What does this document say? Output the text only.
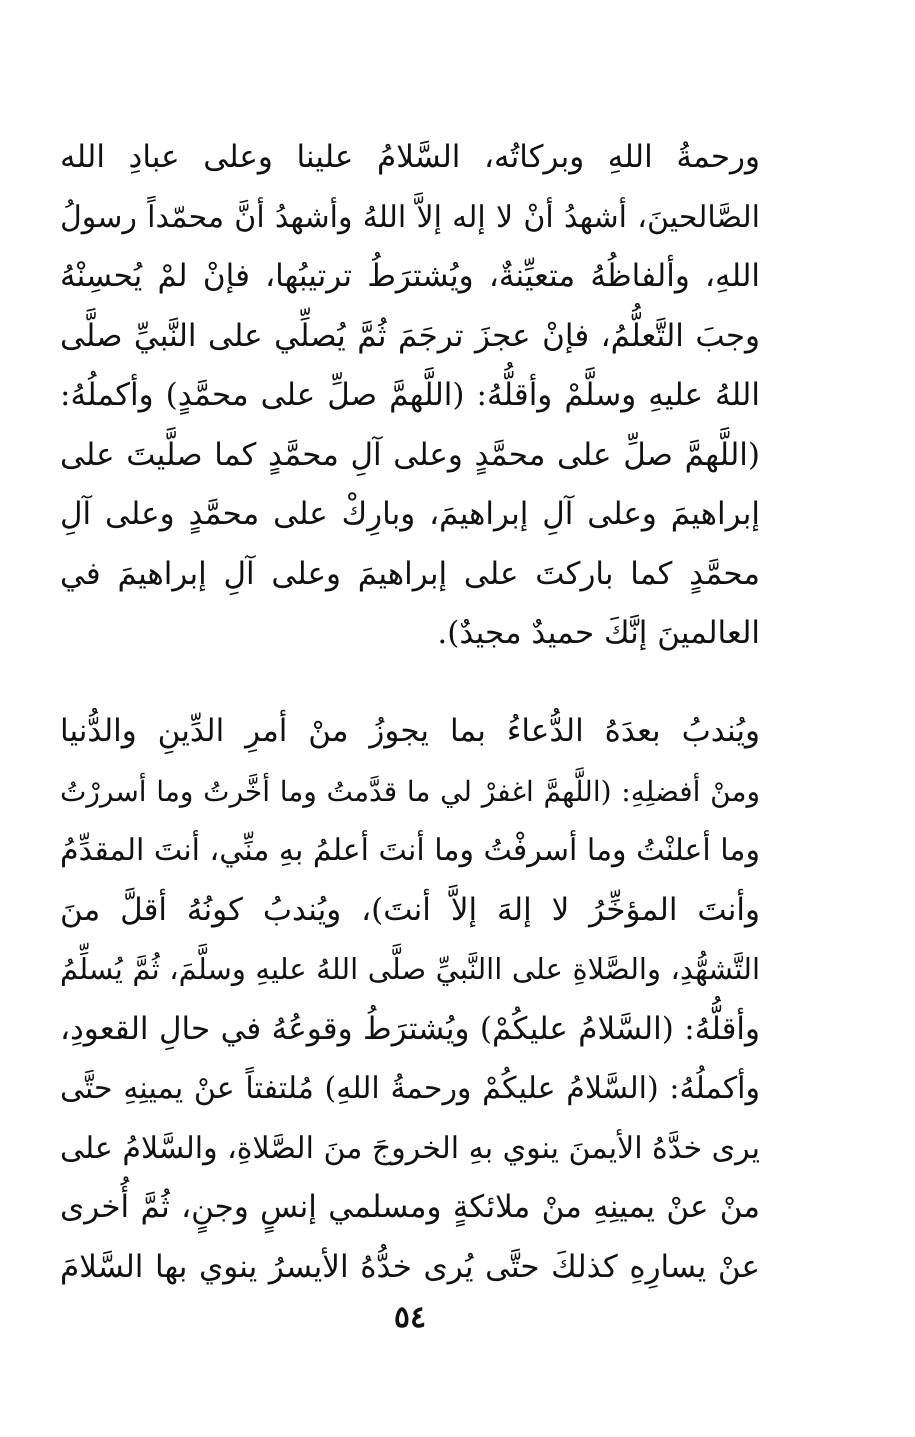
ورحمةُ اللهِ وبركاتُه، السَّلامُ علينا وعلى عبادِ الله
الصَّالحينَ، أشهدُ أنْ لا إله إلاَّ اللهُ وأشهدُ أنَّ محمّداً رسولُ
اللهِ، وألفاظُهُ متعيِّنةٌ، ويُشترَطُ ترتيبُها، فإنْ لمْ يُحسِنْهُ
وجبَ التَّعلُّمُ، فإنْ عجزَ ترجَمَ ثُمَّ يُصلِّي على النَّبيِّ صلَّى
اللهُ عليهِ وسلَّمْ وأقلُّهُ: (اللَّهمَّ صلِّ على محمَّدٍ) وأكملُهُ:
(اللَّهمَّ صلِّ على محمَّدٍ وعلى آلِ محمَّدٍ كما صلَّيتَ على
إبراهيمَ وعلى آلِ إبراهيمَ، وبارِكْ على محمَّدٍ وعلى آلِ
محمَّدٍ كما باركتَ على إبراهيمَ وعلى آلِ إبراهيمَ في
العالمينَ إنَّكَ حميدٌ مجيدٌ).
ويُندبُ بعدَهُ الدُّعاءُ بما يجوزُ منْ أمرِ الدِّينِ والدُّنيا
ومنْ أفضلِهِ: (اللَّهمَّ اغفرْ لي ما قدَّمتُ وما أخَّرتُ وما أسررْتُ
وما أعلنْتُ وما أسرفْتُ وما أنتَ أعلمُ بهِ منِّي، أنتَ المقدِّمُ
وأنتَ المؤخِّرُ لا إلهَ إلاَّ أنتَ)، ويُندبُ كونُهُ أقلَّ منَ
التَّشهُّدِ، والصَّلاةِ على االنَّبيِّ صلَّى اللهُ عليهِ وسلَّمَ، ثُمَّ يُسلِّمُ
وأقلُّهُ: (السَّلامُ عليكُمْ) ويُشترَطُ وقوعُهُ في حالِ القعودِ،
وأكملُهُ: (السَّلامُ عليكُمْ ورحمةُ اللهِ) مُلتفتاً عنْ يمينِهِ حتَّى
يرى خدَّهُ الأيمنَ ينوي بهِ الخروجَ منَ الصَّلاةِ، والسَّلامُ على
منْ عنْ يمينِهِ منْ ملائكةٍ ومسلمي إنسٍ وجنٍ، ثُمَّ أُخرى
عنْ يسارِهِ كذلكَ حتَّى يُرى خدُّهُ الأيسرُ ينوي بها السَّلامَ
٥٤
